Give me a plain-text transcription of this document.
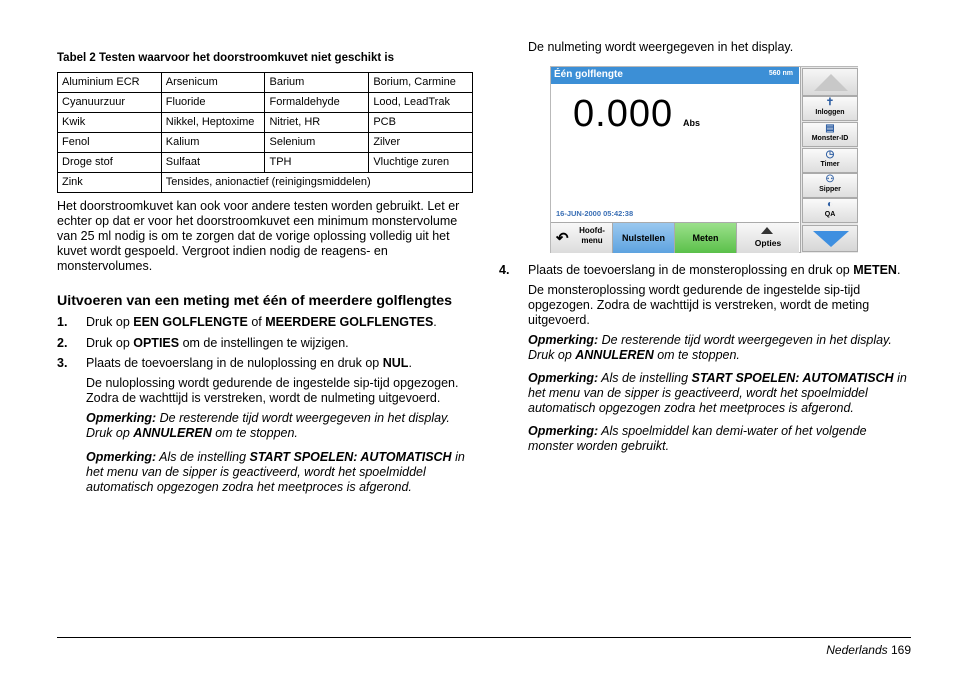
Tabel 2 Testen waarvoor het doorstroomkuvet niet geschikt is
Aluminium ECR	Arsenicum	Barium	Borium, Carmine
Cyanuurzuur	Fluoride	Formaldehyde	Lood, LeadTrak
Kwik	Nikkel, Heptoxime	Nitriet, HR	PCB
Fenol	Kalium	Selenium	Zilver
Droge stof	Sulfaat	TPH	Vluchtige zuren
Zink	Tensides, anionactief (reinigingsmiddelen)		

Het doorstroomkuvet kan ook voor andere testen worden gebruikt. Let er echter op dat er voor het doorstroomkuvet een minimum monstervolume van 25 ml nodig is om te zorgen dat de vorige oplossing volledig uit het kuvet wordt gespoeld. Vergroot indien nodig de reagens- en monstervolumes.

Uitvoeren van een meting met één of meerdere golflengtes
1. Druk op EEN GOLFLENGTE of MEERDERE GOLFLENGTES.
2. Druk op OPTIES om de instellingen te wijzigen.
3. Plaats de toevoerslang in de nuloplossing en druk op NUL.

De nuloplossing wordt gedurende de ingestelde sip-tijd opgezogen. Zodra de wachttijd is verstreken, wordt de nulmeting uitgevoerd.

Opmerking: De resterende tijd wordt weergegeven in het display. Druk op ANNULEREN om te stoppen.

Opmerking: Als de instelling START SPOELEN: AUTOMATISCH in het menu van de sipper is geactiveerd, wordt het spoelmiddel automatisch opgezogen zodra het meetproces is afgerond.

De nulmeting wordt weergegeven in het display.

Één golflengte	560 nm
0.000 Abs
16-JUN-2000 05:42:38
✝
Inloggen
▤
Monster-ID
◷
Timer
⚇
Sipper
◐
QA
↶	Hoofd-
menu	Nulstellen	Meten	Opties
4. Plaats de toevoerslang in de monsteroplossing en druk op METEN.

De monsteroplossing wordt gedurende de ingestelde sip-tijd opgezogen. Zodra de wachttijd is verstreken, wordt de meting uitgevoerd.

Opmerking: De resterende tijd wordt weergegeven in het display. Druk op ANNULEREN om te stoppen.

Opmerking: Als de instelling START SPOELEN: AUTOMATISCH in het menu van de sipper is geactiveerd, wordt het spoelmiddel automatisch opgezogen zodra het meetproces is afgerond.

Opmerking: Als spoelmiddel kan demi-water of het volgende monster worden gebruikt.

Nederlands 169
